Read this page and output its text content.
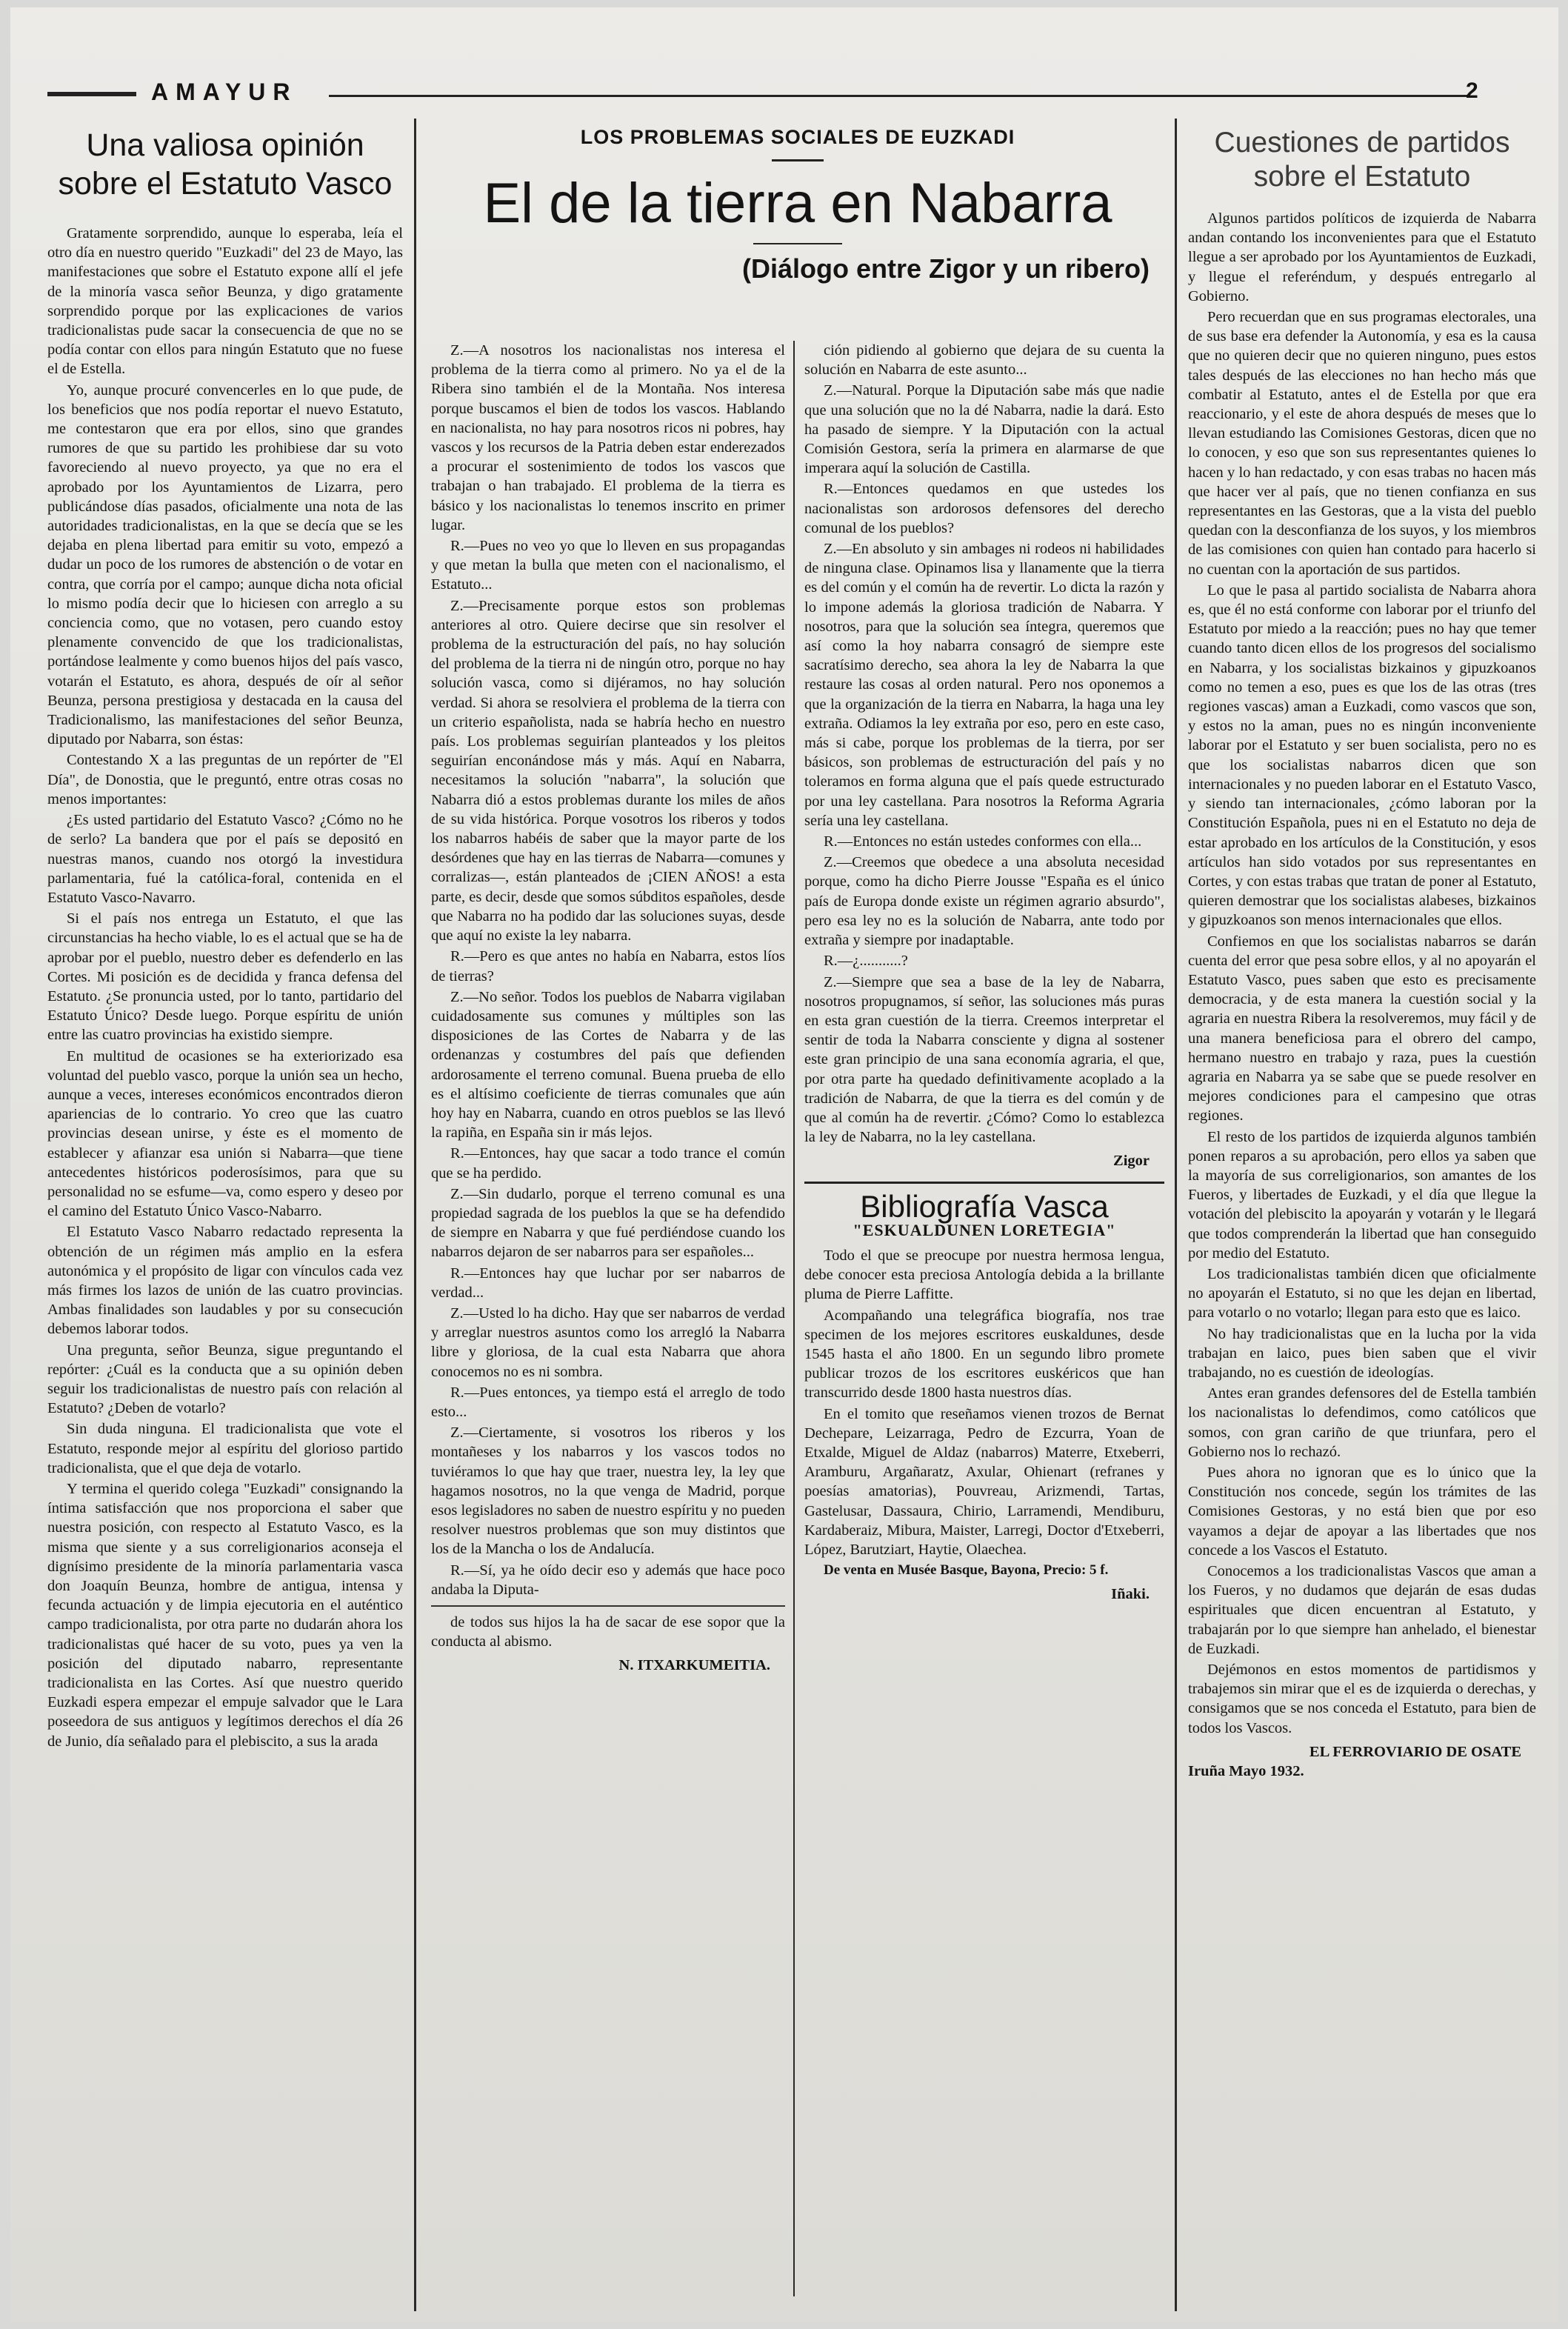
AMAYUR	2
Una valiosa opinión sobre el Estatuto Vasco

Gratamente sorprendido, aunque lo esperaba, leía el otro día en nuestro querido "Euzkadi" del 23 de Mayo, las manifestaciones que sobre el Estatuto expone allí el jefe de la minoría vasca señor Beunza, y digo gratamente sorprendido porque por las explicaciones de varios tradicionalistas pude sacar la consecuencia de que no se podía contar con ellos para ningún Estatuto que no fuese el de Estella.

Yo, aunque procuré convencerles en lo que pude, de los beneficios que nos podía reportar el nuevo Estatuto, me contestaron que era por ellos, sino que grandes rumores de que su partido les prohibiese dar su voto favoreciendo al nuevo proyecto, ya que no era el aprobado por los Ayuntamientos de Lizarra, pero publicándose días pasados, oficialmente una nota de las autoridades tradicionalistas, en la que se decía que se les dejaba en plena libertad para emitir su voto, empezó a dudar un poco de los rumores de abstención o de votar en contra, que corría por el campo; aunque dicha nota oficial lo mismo podía decir que lo hiciesen con arreglo a su conciencia como, que no votasen, pero cuando estoy plenamente convencido de que los tradicionalistas, portándose lealmente y como buenos hijos del país vasco, votarán el Estatuto, es ahora, después de oír al señor Beunza, persona prestigiosa y destacada en la causa del Tradicionalismo, las manifestaciones del señor Beunza, diputado por Nabarra, son éstas:

Contestando X a las preguntas de un repórter de "El Día", de Donostia, que le preguntó, entre otras cosas no menos importantes:

¿Es usted partidario del Estatuto Vasco? ¿Cómo no he de serlo? La bandera que por el país se depositó en nuestras manos, cuando nos otorgó la investidura parlamentaria, fué la católica-foral, contenida en el Estatuto Vasco-Navarro.

Si el país nos entrega un Estatuto, el que las circunstancias ha hecho viable, lo es el actual que se ha de aprobar por el pueblo, nuestro deber es defenderlo en las Cortes. Mi posición es de decidida y franca defensa del Estatuto. ¿Se pronuncia usted, por lo tanto, partidario del Estatuto Único? Desde luego. Porque espíritu de unión entre las cuatro provincias ha existido siempre.

En multitud de ocasiones se ha exteriorizado esa voluntad del pueblo vasco, porque la unión sea un hecho, aunque a veces, intereses económicos encontrados dieron apariencias de lo contrario. Yo creo que las cuatro provincias desean unirse, y éste es el momento de establecer y afianzar esa unión si Nabarra—que tiene antecedentes históricos poderosísimos, para que su personalidad no se esfume—va, como espero y deseo por el camino del Estatuto Único Vasco-Nabarro.

El Estatuto Vasco Nabarro redactado representa la obtención de un régimen más amplio en la esfera autonómica y el propósito de ligar con vínculos cada vez más firmes los lazos de unión de las cuatro provincias. Ambas finalidades son laudables y por su consecución debemos laborar todos.

Una pregunta, señor Beunza, sigue preguntando el repórter: ¿Cuál es la conducta que a su opinión deben seguir los tradicionalistas de nuestro país con relación al Estatuto? ¿Deben de votarlo?

Sin duda ninguna. El tradicionalista que vote el Estatuto, responde mejor al espíritu del glorioso partido tradicionalista, que el que deja de votarlo.

Y termina el querido colega "Euzkadi" consignando la íntima satisfacción que nos proporciona el saber que nuestra posición, con respecto al Estatuto Vasco, es la misma que siente y a sus correligionarios aconseja el dignísimo presidente de la minoría parlamentaria vasca don Joaquín Beunza, hombre de antigua, intensa y fecunda actuación y de limpia ejecutoria en el auténtico campo tradicionalista, por otra parte no dudarán ahora los tradicionalistas qué hacer de su voto, pues ya ven la posición del diputado nabarro, representante tradicionalista en las Cortes. Así que nuestro querido Euzkadi espera empezar el empuje salvador que le Lara poseedora de sus antiguos y legítimos derechos el día 26 de Junio, día señalado para el plebiscito, a sus la arada

LOS PROBLEMAS SOCIALES DE EUZKADI
El de la tierra en Nabarra
(Diálogo entre Zigor y un ribero)

Z.—A nosotros los nacionalistas nos interesa el problema de la tierra como al primero. No ya el de la Ribera sino también el de la Montaña. Nos interesa porque buscamos el bien de todos los vascos. Hablando en nacionalista, no hay para nosotros ricos ni pobres, hay vascos y los recursos de la Patria deben estar enderezados a procurar el sostenimiento de todos los vascos que trabajan o han trabajado. El problema de la tierra es básico y los nacionalistas lo tenemos inscrito en primer lugar.

R.—Pues no veo yo que lo lleven en sus propagandas y que metan la bulla que meten con el nacionalismo, el Estatuto...

Z.—Precisamente porque estos son problemas anteriores al otro. Quiere decirse que sin resolver el problema de la estructuración del país, no hay solución del problema de la tierra ni de ningún otro, porque no hay solución vasca, como si dijéramos, no hay solución verdad. Si ahora se resolviera el problema de la tierra con un criterio españolista, nada se habría hecho en nuestro país. Los problemas seguirían planteados y los pleitos seguirían enconándose más y más. Aquí en Nabarra, necesitamos la solución "nabarra", la solución que Nabarra dió a estos problemas durante los miles de años de su vida histórica. Porque vosotros los riberos y todos los nabarros habéis de saber que la mayor parte de los desórdenes que hay en las tierras de Nabarra—comunes y corralizas—, están planteados de ¡CIEN AÑOS! a esta parte, es decir, desde que somos súbditos españoles, desde que Nabarra no ha podido dar las soluciones suyas, desde que aquí no existe la ley nabarra.

R.—Pero es que antes no había en Nabarra, estos líos de tierras?

Z.—No señor. Todos los pueblos de Nabarra vigilaban cuidadosamente sus comunes y múltiples son las disposiciones de las Cortes de Nabarra y de las ordenanzas y costumbres del país que defienden ardorosamente el terreno comunal. Buena prueba de ello es el altísimo coeficiente de tierras comunales que aún hoy hay en Nabarra, cuando en otros pueblos se las llevó la rapiña, en España sin ir más lejos.

R.—Entonces, hay que sacar a todo trance el común que se ha perdido.

Z.—Sin dudarlo, porque el terreno comunal es una propiedad sagrada de los pueblos la que se ha defendido de siempre en Nabarra y que fué perdiéndose cuando los nabarros dejaron de ser nabarros para ser españoles...

R.—Entonces hay que luchar por ser nabarros de verdad...

Z.—Usted lo ha dicho. Hay que ser nabarros de verdad y arreglar nuestros asuntos como los arregló la Nabarra libre y gloriosa, de la cual esta Nabarra que ahora conocemos no es ni sombra.

R.—Pues entonces, ya tiempo está el arreglo de todo esto...

Z.—Ciertamente, si vosotros los riberos y los montañeses y los nabarros y los vascos todos no tuviéramos lo que hay que traer, nuestra ley, la ley que hagamos nosotros, no la que venga de Madrid, porque esos legisladores no saben de nuestro espíritu y no pueden resolver nuestros problemas que son muy distintos que los de la Mancha o los de Andalucía.

R.—Sí, ya he oído decir eso y además que hace poco andaba la Diputa-

de todos sus hijos la ha de sacar de ese sopor que la conducta al abismo.

N. ITXARKUMEITIA.

ción pidiendo al gobierno que dejara de su cuenta la solución en Nabarra de este asunto...

Z.—Natural. Porque la Diputación sabe más que nadie que una solución que no la dé Nabarra, nadie la dará. Esto ha pasado de siempre. Y la Diputación con la actual Comisión Gestora, sería la primera en alarmarse de que imperara aquí la solución de Castilla.

R.—Entonces quedamos en que ustedes los nacionalistas son ardorosos defensores del derecho comunal de los pueblos?

Z.—En absoluto y sin ambages ni rodeos ni habilidades de ninguna clase. Opinamos lisa y llanamente que la tierra es del común y el común ha de revertir. Lo dicta la razón y lo impone además la gloriosa tradición de Nabarra. Y nosotros, para que la solución sea íntegra, queremos que así como la hoy nabarra consagró de siempre este sacratísimo derecho, sea ahora la ley de Nabarra la que restaure las cosas al orden natural. Pero nos oponemos a que la organización de la tierra en Nabarra, la haga una ley extraña. Odiamos la ley extraña por eso, pero en este caso, más si cabe, porque los problemas de la tierra, por ser básicos, son problemas de estructuración del país y no toleramos en forma alguna que el país quede estructurado por una ley castellana. Para nosotros la Reforma Agraria sería una ley castellana.

R.—Entonces no están ustedes conformes con ella...

Z.—Creemos que obedece a una absoluta necesidad porque, como ha dicho Pierre Jousse "España es el único país de Europa donde existe un régimen agrario absurdo", pero esa ley no es la solución de Nabarra, ante todo por extraña y siempre por inadaptable.

R.—¿...........?

Z.—Siempre que sea a base de la ley de Nabarra, nosotros propugnamos, sí señor, las soluciones más puras en esta gran cuestión de la tierra. Creemos interpretar el sentir de toda la Nabarra consciente y digna al sostener este gran principio de una sana economía agraria, el que, por otra parte ha quedado definitivamente acoplado a la tradición de Nabarra, de que la tierra es del común y de que al común ha de revertir. ¿Cómo? Como lo establezca la ley de Nabarra, no la ley castellana.

Zigor
Bibliografía Vasca
"ESKUALDUNEN LORETEGIA"

Todo el que se preocupe por nuestra hermosa lengua, debe conocer esta preciosa Antología debida a la brillante pluma de Pierre Laffitte.

Acompañando una telegráfica biografía, nos trae specimen de los mejores escritores euskaldunes, desde 1545 hasta el año 1800. En un segundo libro promete publicar trozos de los escritores euskéricos que han transcurrido desde 1800 hasta nuestros días.

En el tomito que reseñamos vienen trozos de Bernat Dechepare, Leizarraga, Pedro de Ezcurra, Yoan de Etxalde, Miguel de Aldaz (nabarros) Materre, Etxeberri, Aramburu, Argañaratz, Axular, Ohienart (refranes y poesías amatorias), Pouvreau, Arizmendi, Tartas, Gastelusar, Dassaura, Chirio, Larramendi, Mendiburu, Kardaberaiz, Mibura, Maister, Larregi, Doctor d'Etxeberri, López, Barutziart, Haytie, Olaechea.

De venta en Musée Basque, Bayona, Precio: 5 f.

Iñaki.
Cuestiones de partidos sobre el Estatuto

Algunos partidos políticos de izquierda de Nabarra andan contando los inconvenientes para que el Estatuto llegue a ser aprobado por los Ayuntamientos de Euzkadi, y llegue el referéndum, y después entregarlo al Gobierno.

Pero recuerdan que en sus programas electorales, una de sus base era defender la Autonomía, y esa es la causa que no quieren decir que no quieren ninguno, pues estos tales después de las elecciones no han hecho más que combatir al Estatuto, antes el de Estella por que era reaccionario, y el este de ahora después de meses que lo llevan estudiando las Comisiones Gestoras, dicen que no lo conocen, y eso que son sus representantes quienes lo hacen y lo han redactado, y con esas trabas no hacen más que hacer ver al país, que no tienen confianza en sus representantes en las Gestoras, que a la vista del pueblo quedan con la desconfianza de los suyos, y los miembros de las comisiones con quien han contado para hacerlo si no cuentan con la aportación de sus partidos.

Lo que le pasa al partido socialista de Nabarra ahora es, que él no está conforme con laborar por el triunfo del Estatuto por miedo a la reacción; pues no hay que temer cuando tanto dicen ellos de los progresos del socialismo en Nabarra, y los socialistas bizkainos y gipuzkoanos como no temen a eso, pues es que los de las otras (tres regiones vascas) aman a Euzkadi, como vascos que son, y estos no la aman, pues no es ningún inconveniente laborar por el Estatuto y ser buen socialista, pero no es que los socialistas nabarros dicen que son internacionales y no pueden laborar en el Estatuto Vasco, y siendo tan internacionales, ¿cómo laboran por la Constitución Española, pues ni en el Estatuto no deja de estar aprobado en los artículos de la Constitución, y esos artículos han sido votados por sus representantes en Cortes, y con estas trabas que tratan de poner al Estatuto, quieren demostrar que los socialistas alabeses, bizkainos y gipuzkoanos son menos internacionales que ellos.

Confiemos en que los socialistas nabarros se darán cuenta del error que pesa sobre ellos, y al no apoyarán el Estatuto Vasco, pues saben que esto es precisamente democracia, y de esta manera la cuestión social y la agraria en nuestra Ribera la resolveremos, muy fácil y de una manera beneficiosa para el obrero del campo, hermano nuestro en trabajo y raza, pues la cuestión agraria en Nabarra ya se sabe que se puede resolver en mejores condiciones para el campesino que otras regiones.

El resto de los partidos de izquierda algunos también ponen reparos a su aprobación, pero ellos ya saben que la mayoría de sus correligionarios, son amantes de los Fueros, y libertades de Euzkadi, y el día que llegue la votación del plebiscito la apoyarán y votarán y le llegará que todos comprenderán la libertad que han conseguido por medio del Estatuto.

Los tradicionalistas también dicen que oficialmente no apoyarán el Estatuto, si no que les dejan en libertad, para votarlo o no votarlo; llegan para esto que es laico.

No hay tradicionalistas que en la lucha por la vida trabajan en laico, pues bien saben que el vivir trabajando, no es cuestión de ideologías.

Antes eran grandes defensores del de Estella también los nacionalistas lo defendimos, como católicos que somos, con gran cariño de que triunfara, pero el Gobierno nos lo rechazó.

Pues ahora no ignoran que es lo único que la Constitución nos concede, según los trámites de las Comisiones Gestoras, y no está bien que por eso vayamos a dejar de apoyar a las libertades que nos concede a los Vascos el Estatuto.

Conocemos a los tradicionalistas Vascos que aman a los Fueros, y no dudamos que dejarán de esas dudas espirituales que dicen encuentran al Estatuto, y trabajarán por lo que siempre han anhelado, el bienestar de Euzkadi.

Dejémonos en estos momentos de partidismos y trabajemos sin mirar que el es de izquierda o derechas, y consigamos que se nos conceda el Estatuto, para bien de todos los Vascos.

EL FERROVIARIO DE OSATE
Iruña Mayo 1932.
